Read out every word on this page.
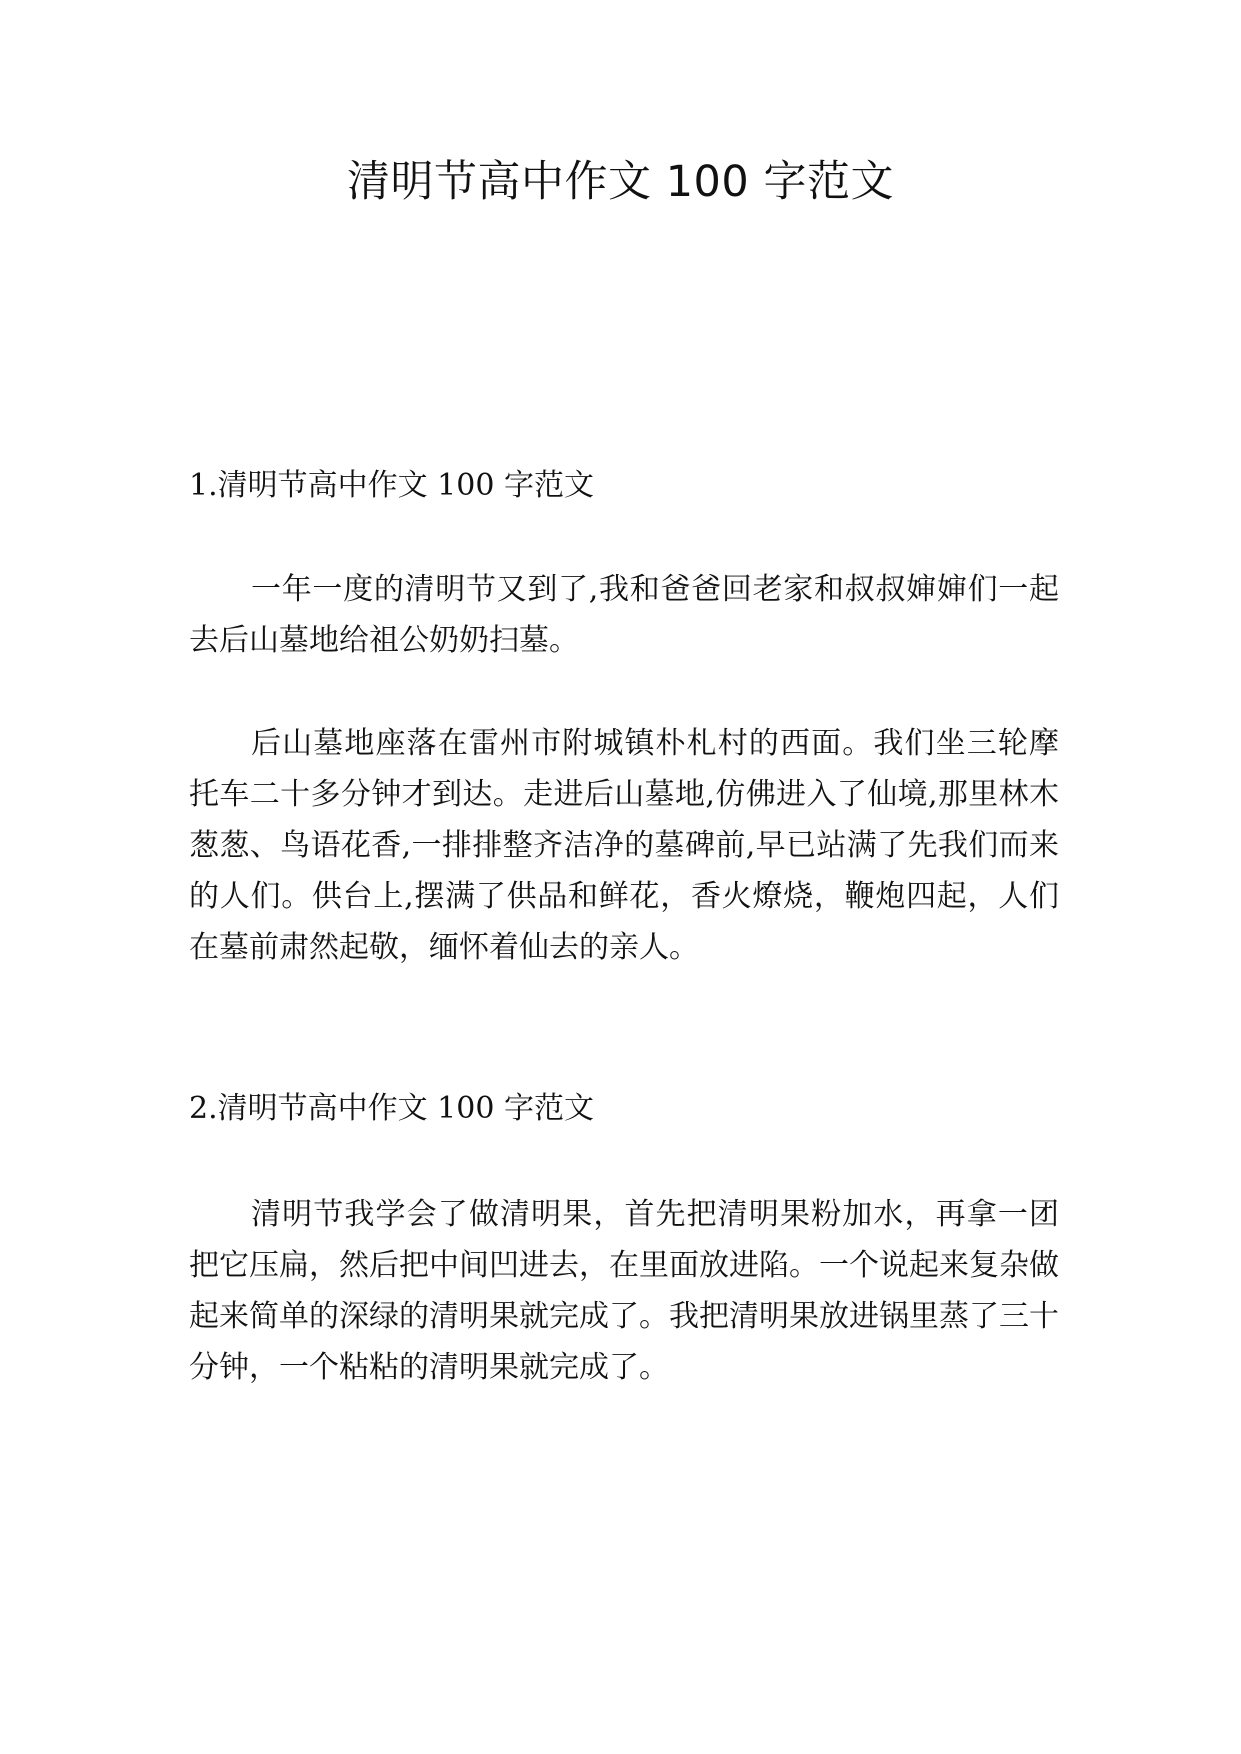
清明节高中作文 100 字范文
1.清明节高中作文 100 字范文

一年一度的清明节又到了,我和爸爸回老家和叔叔婶婶们一起去后山墓地给祖公奶奶扫墓。

后山墓地座落在雷州市附城镇朴札村的西面。我们坐三轮摩托车二十多分钟才到达。走进后山墓地,仿佛进入了仙境,那里林木葱葱、鸟语花香,一排排整齐洁净的墓碑前,早已站满了先我们而来的人们。供台上,摆满了供品和鲜花，香火燎烧，鞭炮四起，人们在墓前肃然起敬，缅怀着仙去的亲人。

2.清明节高中作文 100 字范文

清明节我学会了做清明果，首先把清明果粉加水，再拿一团把它压扁，然后把中间凹进去，在里面放进陷。一个说起来复杂做起来简单的深绿的清明果就完成了。我把清明果放进锅里蒸了三十分钟，一个粘粘的清明果就完成了。
